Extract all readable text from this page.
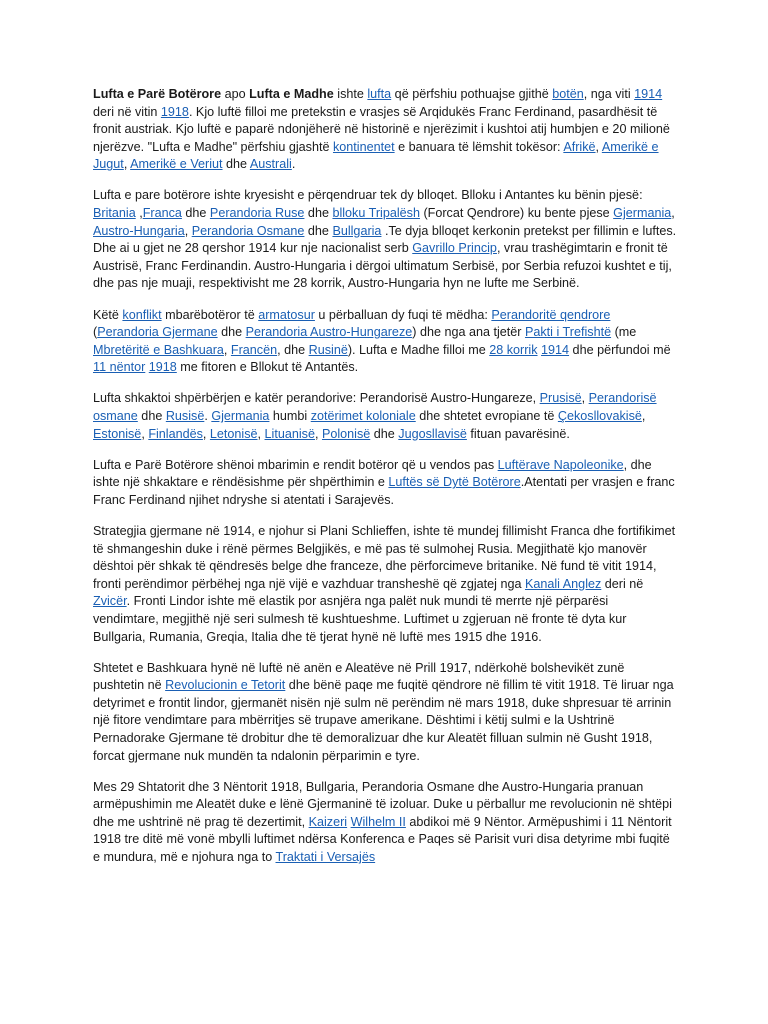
Lufta e Parë Botërore apo Lufta e Madhe ishte lufta që përfshiu pothuajse gjithë botën, nga viti 1914 deri në vitin 1918. Kjo luftë filloi me pretekstin e vrasjes së Arqidukës Franc Ferdinand, pasardhësit të fronit austriak. Kjo luftë e paparë ndonjëherë në historinë e njerëzimit i kushtoi atij humbjen e 20 milionë njerëzve. "Lufta e Madhe" përfshiu gjashtë kontinentet e banuara të lëmshit tokësor: Afrikë, Amerikë e Jugut, Amerikë e Veriut dhe Australi.

Lufta e pare botërore ishte kryesisht e përqendruar tek dy blloqet. Blloku i Antantes ku bënin pjesë: Britania ,Franca dhe Perandoria Ruse dhe blloku Tripalësh (Forcat Qendrore) ku bente pjese Gjermania, Austro-Hungaria, Perandoria Osmane dhe Bullgaria .Te dyja blloqet kerkonin pretekst per fillimin e luftes. Dhe ai u gjet ne 28 qershor 1914 kur nje nacionalist serb Gavrillo Princip, vrau trashëgimtarin e fronit të Austrisë, Franc Ferdinandin. Austro-Hungaria i dërgoi ultimatum Serbisë, por Serbia refuzoi kushtet e tij, dhe pas nje muaji, respektivisht me 28 korrik, Austro-Hungaria hyn ne lufte me Serbinë.

Këtë konflikt mbarëbotëror të armatosur u përballuan dy fuqi të mëdha: Perandoritë qendrore (Perandoria Gjermane dhe Perandoria Austro-Hungareze) dhe nga ana tjetër Pakti i Trefishtë (me Mbretëritë e Bashkuara, Francën, dhe Rusinë). Lufta e Madhe filloi me 28 korrik 1914 dhe përfundoi më 11 nëntor 1918 me fitoren e Bllokut të Antantës.

Lufta shkaktoi shpërbërjen e katër perandorive: Perandorisë Austro-Hungareze, Prusisë, Perandorisë osmane dhe Rusisë. Gjermania humbi zotërimet koloniale dhe shtetet evropiane të Çekosllovakisë, Estonisë, Finlandës, Letonisë, Lituanisë, Polonisë dhe Jugosllavisë fituan pavarësinë.

Lufta e Parë Botërore shënoi mbarimin e rendit botëror që u vendos pas Luftërave Napoleonike, dhe ishte një shkaktare e rëndësishme për shpërthimin e Luftës së Dytë Botërore.Atentati per vrasjen e franc Franc Ferdinand njihet ndryshe si atentati i Sarajevës.

Strategjia gjermane në 1914, e njohur si Plani Schlieffen, ishte të mundej fillimisht Franca dhe fortifikimet të shmangeshin duke i rënë përmes Belgjikës, e më pas të sulmohej Rusia. Megjithatë kjo manovër dështoi për shkak të qëndresës belge dhe franceze, dhe përforcimeve britanike. Në fund të vitit 1914, fronti perëndimor përbëhej nga një vijë e vazhduar transheshë që zgjatej nga Kanali Anglez deri në Zvicër. Fronti Lindor ishte më elastik por asnjëra nga palët nuk mundi të merrte një përparësi vendimtare, megjithë një seri sulmesh të kushtueshme. Luftimet u zgjeruan në fronte të dyta kur Bullgaria, Rumania, Greqia, Italia dhe të tjerat hynë në luftë mes 1915 dhe 1916.

Shtetet e Bashkuara hynë në luftë në anën e Aleatëve në Prill 1917, ndërkohë bolshevikët zunë pushtetin në Revolucionin e Tetorit dhe bënë paqe me fuqitë qëndrore në fillim të vitit 1918. Të liruar nga detyrimet e frontit lindor, gjermanët nisën një sulm në perëndim në mars 1918, duke shpresuar të arrinin një fitore vendimtare para mbërritjes së trupave amerikane. Dështimi i këtij sulmi e la Ushtrinë Pernadorake Gjermane të drobitur dhe të demoralizuar dhe kur Aleatët filluan sulmin në Gusht 1918, forcat gjermane nuk mundën ta ndalonin përparimin e tyre.

Mes 29 Shtatorit dhe 3 Nëntorit 1918, Bullgaria, Perandoria Osmane dhe Austro-Hungaria pranuan armëpushimin me Aleatët duke e lënë Gjermaninë të izoluar. Duke u përballur me revolucionin në shtëpi dhe me ushtrinë në prag të dezertimit, Kaizeri Wilhelm II abdikoi më 9 Nëntor. Armëpushimi i 11 Nëntorit 1918 tre ditë më vonë mbylli luftimet ndërsa Konferenca e Paqes së Parisit vuri disa detyrime mbi fuqitë e mundura, më e njohura nga to Traktati i Versajës
